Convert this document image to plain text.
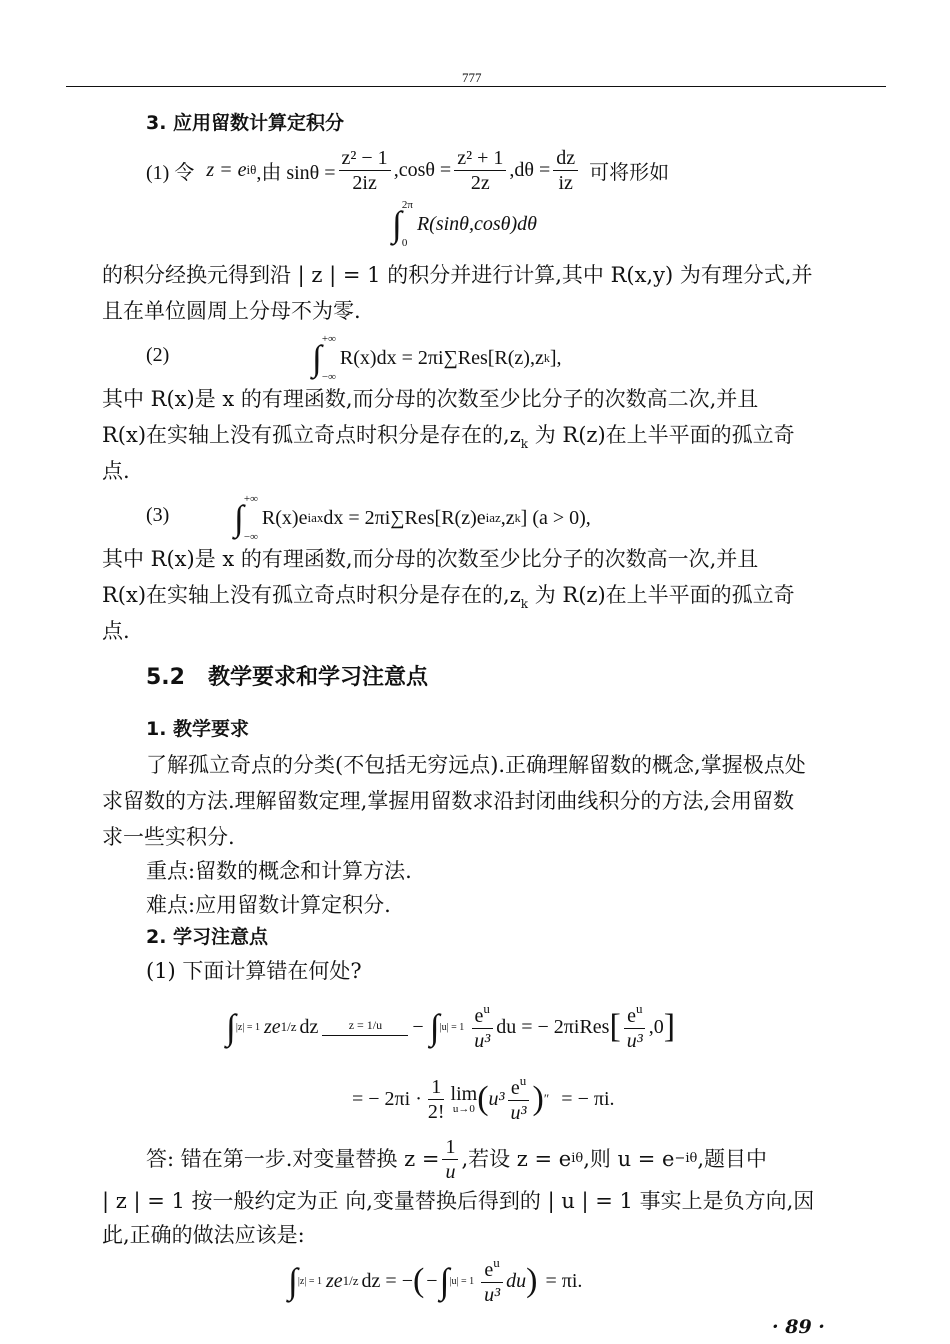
777
3. 应用留数计算定积分
(1) 令 z = e iθ ,由 $\sin\theta = \frac{\text{z² − 1}}{2iz} ,\cos\theta = \frac{\text{z² + 1}}{2z} ,d\theta = \frac{dz}{iz}$ 可将形如
∫ 2π
0
R(sinθ,cosθ)dθ
的积分经换元得到沿 | z | = 1 的积分并进行计算,其中 R(x,y) 为有理分式,并
且在单位圆周上分母不为零.
(2)	∫ +∞
−∞
R(x)dx = 2πi∑Res[R(z),z k ],
其中 R(x)是 x 的有理函数,而分母的次数至少比分子的次数高二次,并且
R(x)在实轴上没有孤立奇点时积分是存在的$,z_k$ 为 R(z)在上半平面的孤立奇
点.
(3) ∫ +∞
−∞
R(x)e iax dx = 2πi∑Res[R(z)e iaz ,z k ] (a > 0),
其中 R(x)是 x 的有理函数,而分母的次数至少比分子的次数高一次,并且
R(x)在实轴上没有孤立奇点时积分是存在的$,z_k$ 为 R(z)在上半平面的孤立奇
点.
5.2   教学要求和学习注意点
1. 教学要求
了解孤立奇点的分类(不包括无穷远点).正确理解留数的概念,掌握极点处
求留数的方法.理解留数定理,掌握用留数求沿封闭曲线积分的方法,会用留数
求一些实积分.
重点:留数的概念和计算方法.
难点:应用留数计算定积分.
2. 学习注意点
(1) 下面计算错在何处?
∫ |z| = 1 ze 1/z dz	z = 1/u − ∫ $|u| = 1 \frac{e^u}{\text{u³}}$ du = − 2πiRes [ $\frac{e^u}{\text{u³}} ,0$ ]
= − $2\pi i \cdot \frac{1}{2!}$ lim
u→0 ( $u^3 \frac{e^u}{\text{u³}}$ ) ″ = − πi.
答: 错在第一步.对变量替换 $z = \frac{1}{u}$ ,若设 z = e iθ ,则 u = e −iθ ,题目中
| z | = 1 按一般约定为正 向,变量替换后得到的 | u | = 1 事实上是负方向,因
此,正确的做法应该是:
∫ |z| = 1 ze 1/z dz = − ( − ∫ $|u| = 1 \frac{e^u}{\text{u³}}$ du ) = πi.
· 89 ·
